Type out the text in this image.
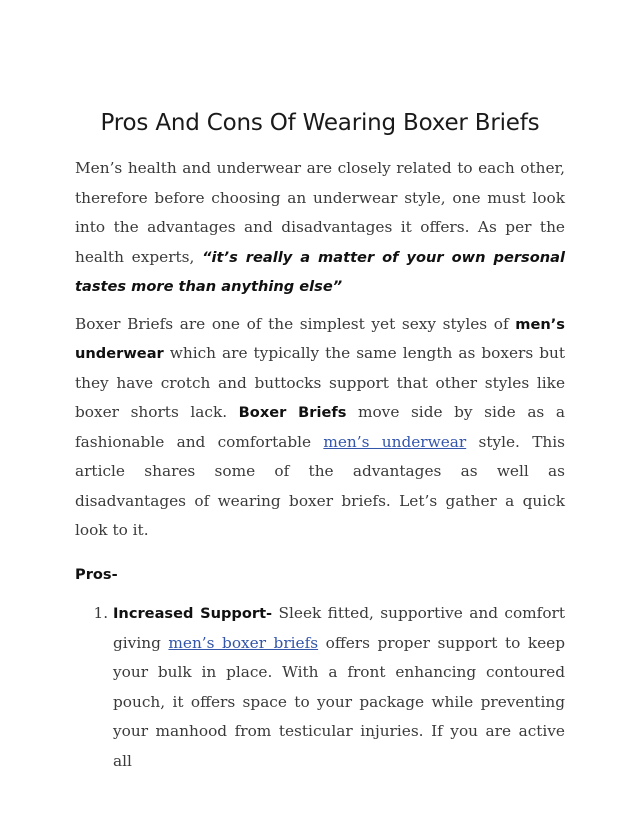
Pros And Cons Of Wearing Boxer Briefs

Men’s health and underwear are closely related to each other, therefore before choosing an underwear style, one must look into the advantages and disadvantages it offers. As per the health experts, “it’s really a matter of your own personal tastes more than anything else”

Boxer Briefs are one of the simplest yet sexy styles of men’s underwear which are typically the same length as boxers but they have crotch and buttocks support that other styles like boxer shorts lack. Boxer Briefs move side by side as a fashionable and comfortable men’s underwear style. This article shares some of the advantages as well as disadvantages of wearing boxer briefs. Let’s gather a quick look to it.

Pros-

1. Increased Support- Sleek fitted, supportive and comfort giving men’s boxer briefs offers proper support to keep your bulk in place. With a front enhancing contoured pouch, it offers space to your package while preventing your manhood from testicular injuries. If you are active all
